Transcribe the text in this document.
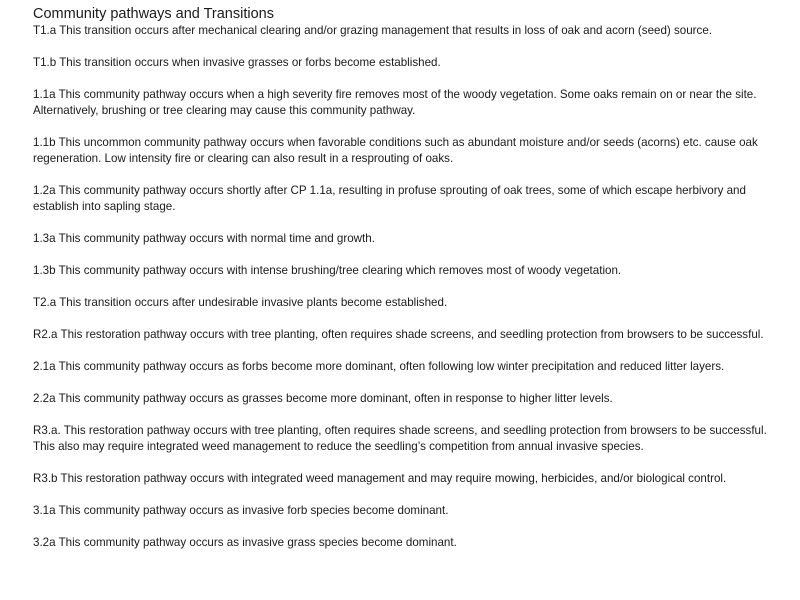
Community pathways and Transitions
T1.a This transition occurs after mechanical clearing and/or grazing management that results in loss of oak and acorn (seed) source.
T1.b This transition occurs when invasive grasses or forbs become established.
1.1a This community pathway occurs when a high severity fire removes most of the woody vegetation. Some oaks remain on or near the site. Alternatively, brushing or tree clearing may cause this community pathway.
1.1b This uncommon community pathway occurs when favorable conditions such as abundant moisture and/or seeds (acorns) etc. cause oak regeneration. Low intensity fire or clearing can also result in a resprouting of oaks.
1.2a This community pathway occurs shortly after CP 1.1a, resulting in profuse sprouting of oak trees, some of which escape herbivory and establish into sapling stage.
1.3a This community pathway occurs with normal time and growth.
1.3b This community pathway occurs with intense brushing/tree clearing which removes most of woody vegetation.
T2.a This transition occurs after undesirable invasive plants become established.
R2.a This restoration pathway occurs with tree planting, often requires shade screens, and seedling protection from browsers to be successful.
2.1a This community pathway occurs as forbs become more dominant, often following low winter precipitation and reduced litter layers.
2.2a This community pathway occurs as grasses become more dominant, often in response to higher litter levels.
R3.a. This restoration pathway occurs with tree planting, often requires shade screens, and seedling protection from browsers to be successful. This also may require integrated weed management to reduce the seedling’s competition from annual invasive species.
R3.b This restoration pathway occurs with integrated weed management and may require mowing, herbicides, and/or biological control.
3.1a This community pathway occurs as invasive forb species become dominant.
3.2a This community pathway occurs as invasive grass species become dominant.
